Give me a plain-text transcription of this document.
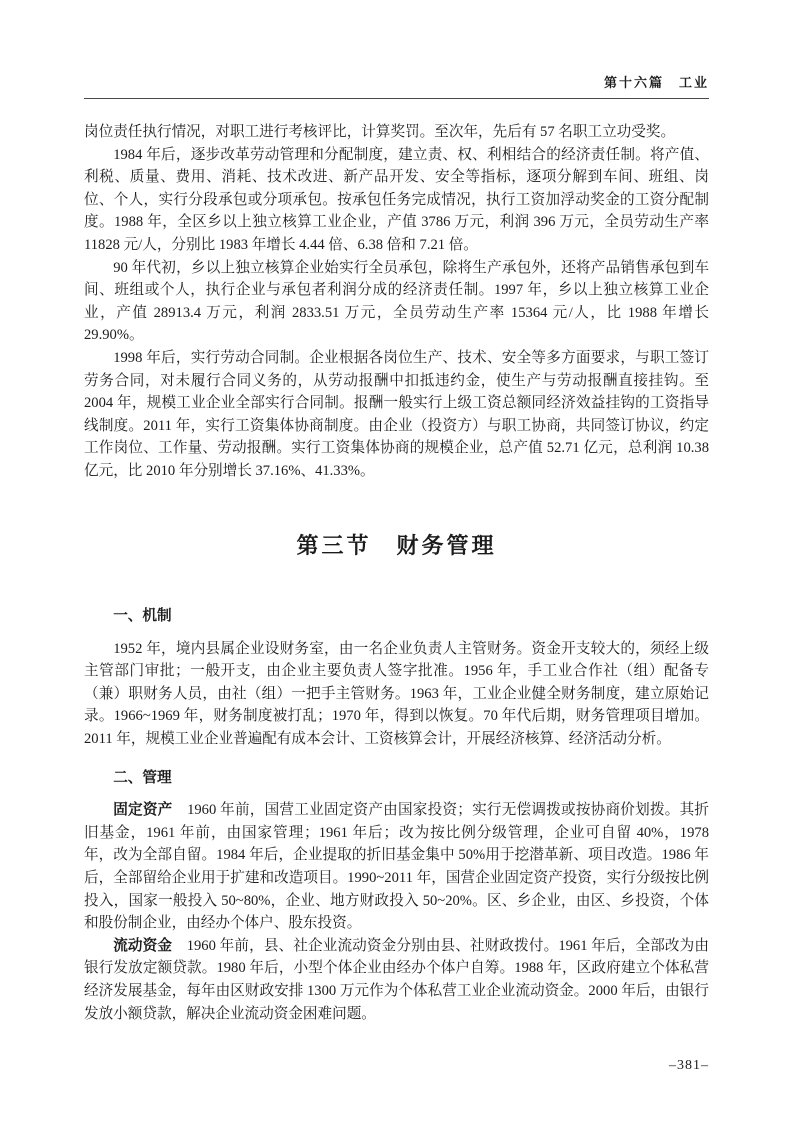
第十六篇　工业

岗位责任执行情况，对职工进行考核评比，计算奖罚。至次年，先后有 57 名职工立功受奖。

1984 年后，逐步改革劳动管理和分配制度，建立责、权、利相结合的经济责任制。将产值、利税、质量、费用、消耗、技术改进、新产品开发、安全等指标，逐项分解到车间、班组、岗位、个人，实行分段承包或分项承包。按承包任务完成情况，执行工资加浮动奖金的工资分配制度。1988 年，全区乡以上独立核算工业企业，产值 3786 万元，利润 396 万元，全员劳动生产率 11828 元/人，分别比 1983 年增长 4.44 倍、6.38 倍和 7.21 倍。

90 年代初，乡以上独立核算企业始实行全员承包，除将生产承包外，还将产品销售承包到车间、班组或个人，执行企业与承包者利润分成的经济责任制。1997 年，乡以上独立核算工业企业，产值 28913.4 万元，利润 2833.51 万元，全员劳动生产率 15364 元/人，比 1988 年增长 29.90%。

1998 年后，实行劳动合同制。企业根据各岗位生产、技术、安全等多方面要求，与职工签订劳务合同，对未履行合同义务的，从劳动报酬中扣抵违约金，使生产与劳动报酬直接挂钩。至 2004 年，规模工业企业全部实行合同制。报酬一般实行上级工资总额同经济效益挂钩的工资指导线制度。2011 年，实行工资集体协商制度。由企业（投资方）与职工协商，共同签订协议，约定工作岗位、工作量、劳动报酬。实行工资集体协商的规模企业，总产值 52.71 亿元，总利润 10.38 亿元，比 2010 年分别增长 37.16%、41.33%。

第三节　财务管理
一、机制

1952 年，境内县属企业设财务室，由一名企业负责人主管财务。资金开支较大的，须经上级主管部门审批；一般开支，由企业主要负责人签字批准。1956 年，手工业合作社（组）配备专（兼）职财务人员，由社（组）一把手主管财务。1963 年，工业企业健全财务制度，建立原始记录。1966~1969 年，财务制度被打乱；1970 年，得到以恢复。70 年代后期，财务管理项目增加。2011 年，规模工业企业普遍配有成本会计、工资核算会计，开展经济核算、经济活动分析。

二、管理

固定资产 1960 年前，国营工业固定资产由国家投资；实行无偿调拨或按协商价划拨。其折旧基金，1961 年前，由国家管理；1961 年后；改为按比例分级管理，企业可自留 40%，1978 年，改为全部自留。1984 年后，企业提取的折旧基金集中 50%用于挖潜革新、项目改造。1986 年后，全部留给企业用于扩建和改造项目。1990~2011 年，国营企业固定资产投资，实行分级按比例投入，国家一般投入 50~80%，企业、地方财政投入 50~20%。区、乡企业，由区、乡投资，个体和股份制企业，由经办个体户、股东投资。

流动资金 1960 年前，县、社企业流动资金分别由县、社财政拨付。1961 年后，全部改为由银行发放定额贷款。1980 年后，小型个体企业由经办个体户自筹。1988 年，区政府建立个体私营经济发展基金，每年由区财政安排 1300 万元作为个体私营工业企业流动资金。2000 年后，由银行发放小额贷款，解决企业流动资金困难问题。

–381–
